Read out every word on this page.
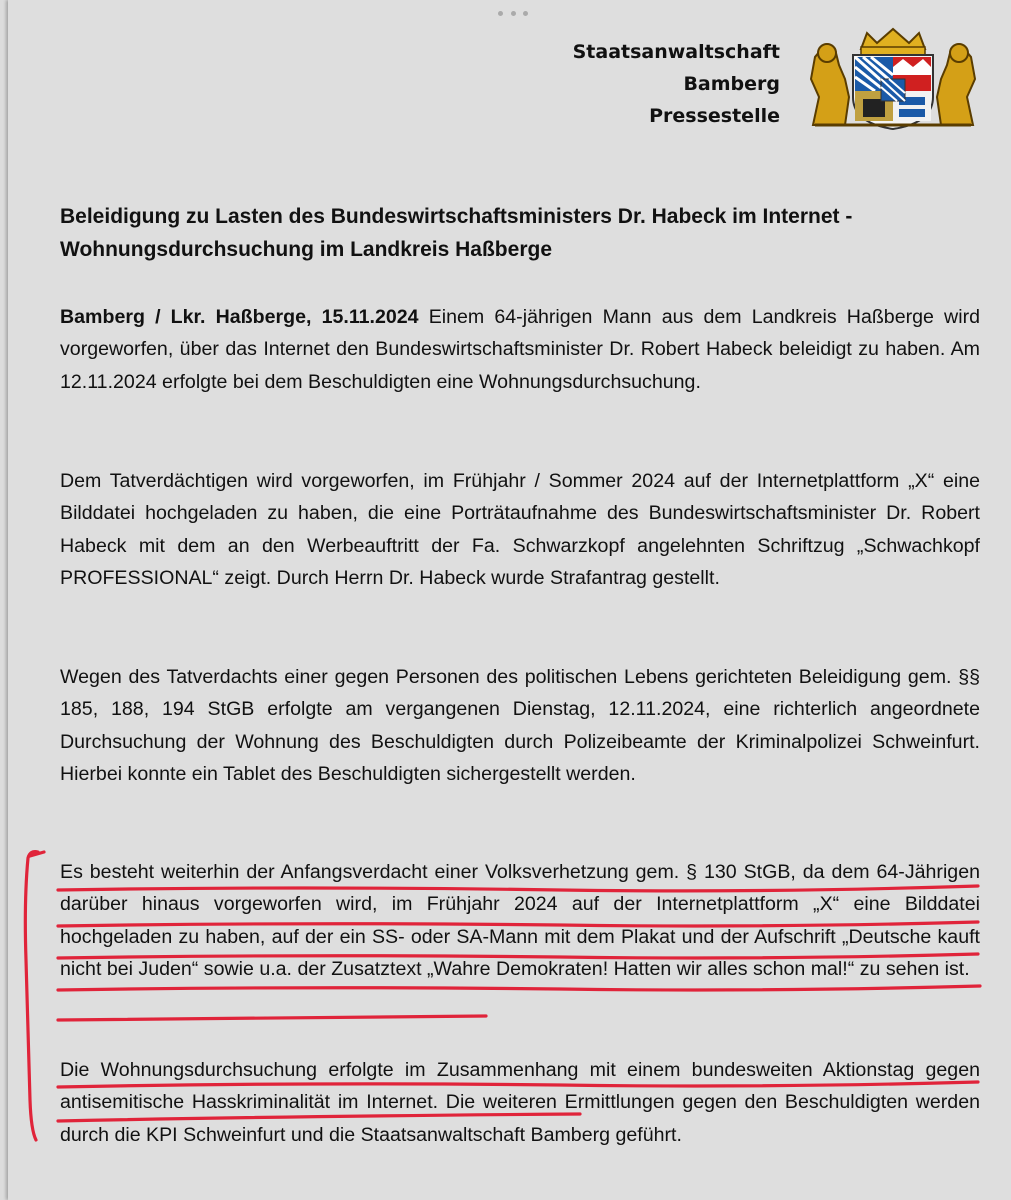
Staatsanwaltschaft
Bamberg
Pressestelle
Beleidigung zu Lasten des Bundeswirtschaftsministers Dr. Habeck im Internet -
Wohnungsdurchsuchung im Landkreis Haßberge

Bamberg / Lkr. Haßberge, 15.11.2024 Einem 64-jährigen Mann aus dem Landkreis Haßberge wird vorgeworfen, über das Internet den Bundeswirtschaftsminister Dr. Robert Habeck beleidigt zu haben. Am 12.11.2024 erfolgte bei dem Beschuldigten eine Wohnungsdurchsuchung.

Dem Tatverdächtigen wird vorgeworfen, im Frühjahr / Sommer 2024 auf der Internetplattform „X“ eine Bilddatei hochgeladen zu haben, die eine Porträtaufnahme des Bundeswirtschaftsminister Dr. Robert Habeck mit dem an den Werbeauftritt der Fa. Schwarzkopf angelehnten Schriftzug „Schwachkopf PROFESSIONAL“ zeigt. Durch Herrn Dr. Habeck wurde Strafantrag gestellt.

Wegen des Tatverdachts einer gegen Personen des politischen Lebens gerichteten Beleidigung gem. §§ 185, 188, 194 StGB erfolgte am vergangenen Dienstag, 12.11.2024, eine richterlich angeordnete Durchsuchung der Wohnung des Beschuldigten durch Polizeibeamte der Kriminalpolizei Schweinfurt. Hierbei konnte ein Tablet des Beschuldigten sichergestellt werden.

Es besteht weiterhin der Anfangsverdacht einer Volksverhetzung gem. § 130 StGB, da dem 64-Jährigen darüber hinaus vorgeworfen wird, im Frühjahr 2024 auf der Internetplattform „X“ eine Bilddatei hochgeladen zu haben, auf der ein SS- oder SA-Mann mit dem Plakat und der Aufschrift „Deutsche kauft nicht bei Juden“ sowie u.a. der Zusatztext „Wahre Demokraten! Hatten wir alles schon mal!“ zu sehen ist.

Die Wohnungsdurchsuchung erfolgte im Zusammenhang mit einem bundesweiten Aktionstag gegen antisemitische Hasskriminalität im Internet. Die weiteren Ermittlungen gegen den Beschuldigten werden durch die KPI Schweinfurt und die Staatsanwaltschaft Bamberg geführt.
